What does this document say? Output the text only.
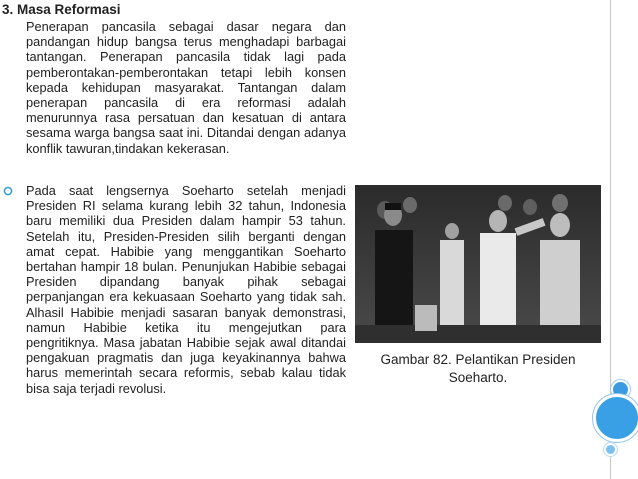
3. Masa Reformasi
Penerapan pancasila sebagai dasar negara dan pandangan hidup bangsa terus menghadapi barbagai tantangan. Penerapan pancasila tidak lagi pada pemberontakan-pemberontakan tetapi lebih konsen kepada kehidupan masyarakat. Tantangan dalam penerapan pancasila di era reformasi adalah menurunnya rasa persatuan dan kesatuan di antara sesama warga bangsa saat ini. Ditandai dengan adanya konflik tawuran,tindakan kekerasan.
Pada saat lengsernya Soeharto setelah menjadi Presiden RI selama kurang lebih 32 tahun, Indonesia baru memiliki dua Presiden dalam hampir 53 tahun. Setelah itu, Presiden-Presiden silih berganti dengan amat cepat. Habibie yang menggantikan Soeharto bertahan hampir 18 bulan. Penunjukan Habibie sebagai Presiden dipandang banyak pihak sebagai perpanjangan era kekuasaan Soeharto yang tidak sah. Alhasil Habibie menjadi sasaran banyak demonstrasi, namun Habibie ketika itu mengejutkan para pengritiknya. Masa jabatan Habibie sejak awal ditandai pengakuan pragmatis dan juga keyakinannya bahwa harus memerintah secara reformis, sebab kalau tidak bisa saja terjadi revolusi.
Gambar 82. Pelantikan Presiden Soeharto.
